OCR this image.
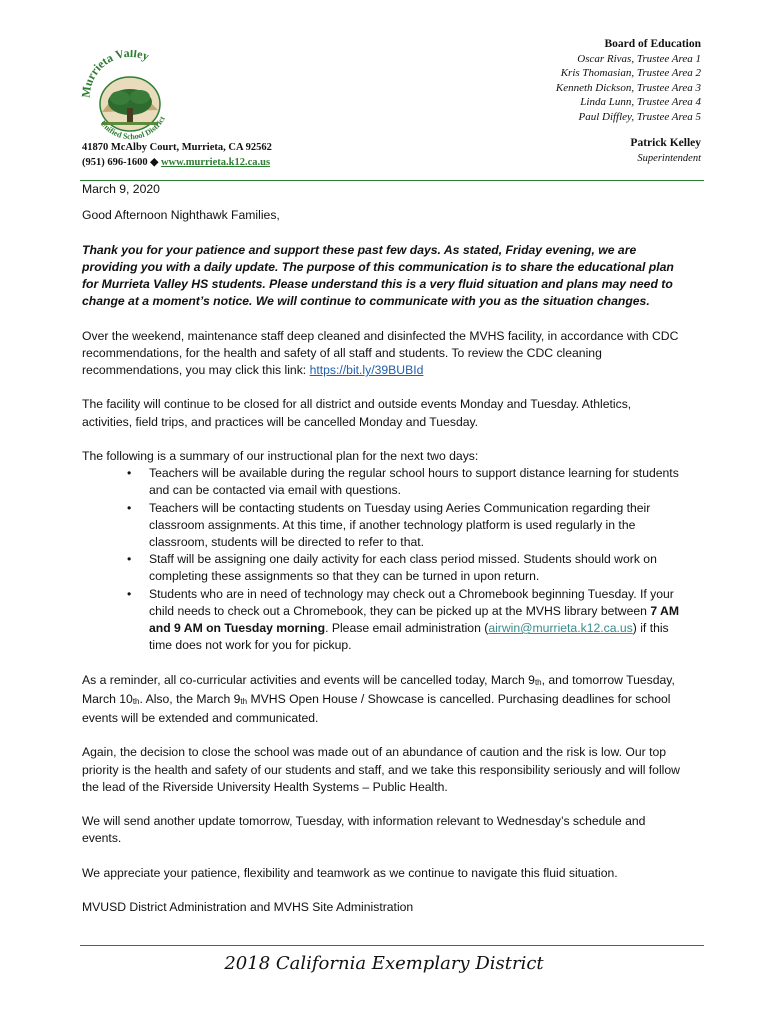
Murrieta Valley
Unified School District
41870 McAlby Court, Murrieta, CA 92562
(951) 696-1600 ◆ www.murrieta.k12.ca.us
Board of Education
Oscar Rivas, Trustee Area 1
Kris Thomasian, Trustee Area 2
Kenneth Dickson, Trustee Area 3
Linda Lunn, Trustee Area 4
Paul Diffley, Trustee Area 5
Patrick Kelley
Superintendent

March 9, 2020

Good Afternoon Nighthawk Families,

Thank you for your patience and support these past few days. As stated, Friday evening, we are providing you with a daily update. The purpose of this communication is to share the educational plan for Murrieta Valley HS students. Please understand this is a very fluid situation and plans may need to change at a moment’s notice. We will continue to communicate with you as the situation changes.

Over the weekend, maintenance staff deep cleaned and disinfected the MVHS facility, in accordance with CDC recommendations, for the health and safety of all staff and students. To review the CDC cleaning recommendations, you may click this link: https://bit.ly/39BUBId

The facility will continue to be closed for all district and outside events Monday and Tuesday. Athletics, activities, field trips, and practices will be cancelled Monday and Tuesday.

The following is a summary of our instructional plan for the next two days:
• Teachers will be available during the regular school hours to support distance learning for students and can be contacted via email with questions.
• Teachers will be contacting students on Tuesday using Aeries Communication regarding their classroom assignments. At this time, if another technology platform is used regularly in the classroom, students will be directed to refer to that.
• Staff will be assigning one daily activity for each class period missed. Students should work on completing these assignments so that they can be turned in upon return.
• Students who are in need of technology may check out a Chromebook beginning Tuesday. If your child needs to check out a Chromebook, they can be picked up at the MVHS library between 7 AM and 9 AM on Tuesday morning. Please email administration (airwin@murrieta.k12.ca.us) if this time does not work for you for pickup.

As a reminder, all co-curricular activities and events will be cancelled today, March 9th, and tomorrow Tuesday, March 10th. Also, the March 9th MVHS Open House / Showcase is cancelled. Purchasing deadlines for school events will be extended and communicated.

Again, the decision to close the school was made out of an abundance of caution and the risk is low. Our top priority is the health and safety of our students and staff, and we take this responsibility seriously and will follow the lead of the Riverside University Health Systems – Public Health.

We will send another update tomorrow, Tuesday, with information relevant to Wednesday’s schedule and events.

We appreciate your patience, flexibility and teamwork as we continue to navigate this fluid situation.

MVUSD District Administration and MVHS Site Administration

2018 California Exemplary District
